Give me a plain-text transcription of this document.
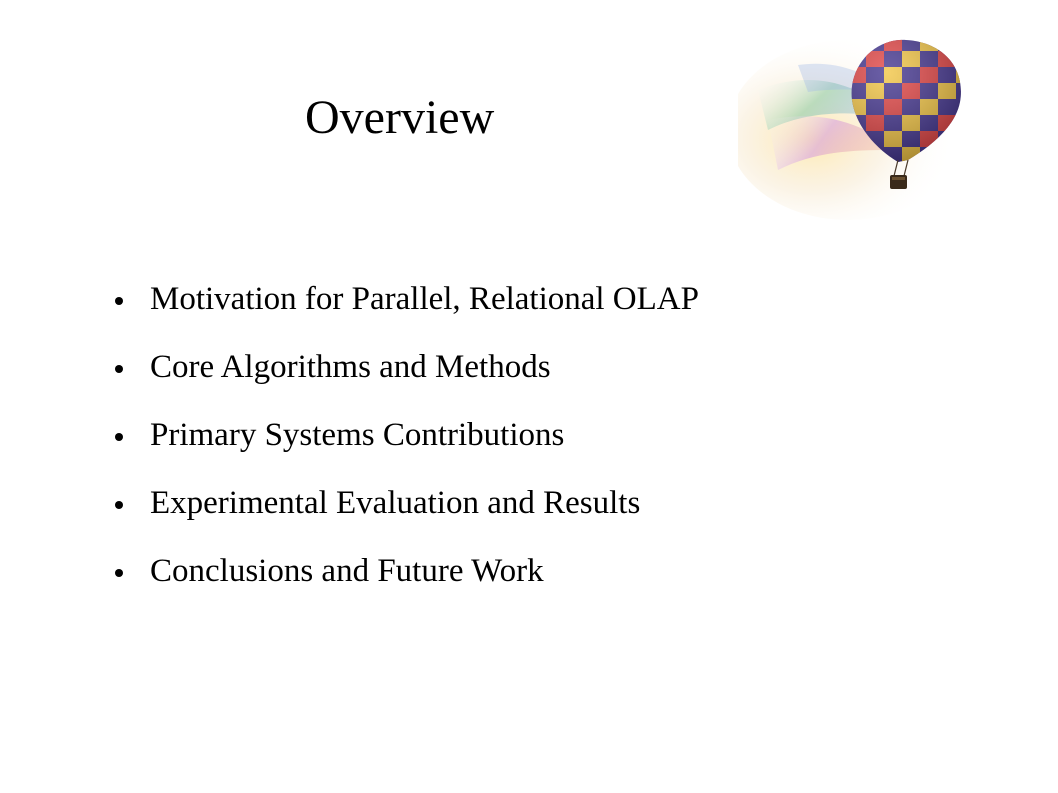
Overview
Motivation for Parallel, Relational OLAP
Core Algorithms and Methods
Primary Systems Contributions
Experimental Evaluation and Results
Conclusions and Future Work
